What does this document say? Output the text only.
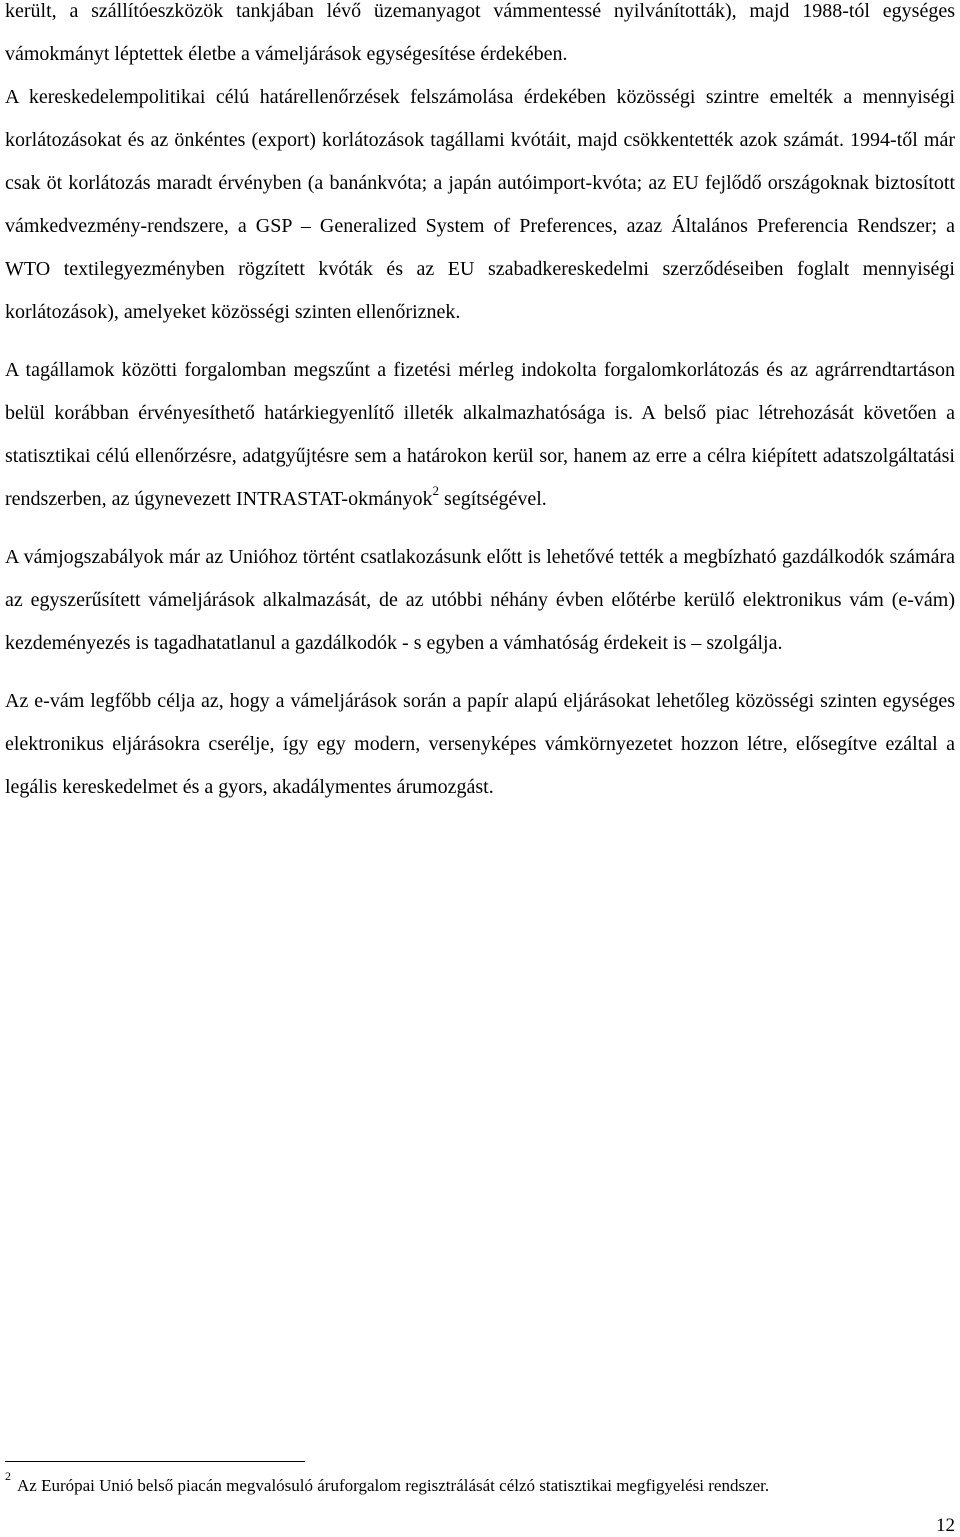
került, a szállítóeszközök tankjában lévő üzemanyagot vámmentessé nyilvánították), majd 1988-tól egységes vámokmányt léptettek életbe a vámeljárások egységesítése érdekében.

A kereskedelempolitikai célú határellenőrzések felszámolása érdekében közösségi szintre emelték a mennyiségi korlátozásokat és az önkéntes (export) korlátozások tagállami kvótáit, majd csökkentették azok számát. 1994-től már csak öt korlátozás maradt érvényben (a banánkvóta; a japán autóimport-kvóta; az EU fejlődő országoknak biztosított vámkedvezmény-rendszere, a GSP – Generalized System of Preferences, azaz Általános Preferencia Rendszer; a WTO textilegyezményben rögzített kvóták és az EU szabadkereskedelmi szerződéseiben foglalt mennyiségi korlátozások), amelyeket közösségi szinten ellenőriznek.

A tagállamok közötti forgalomban megszűnt a fizetési mérleg indokolta forgalomkorlátozás és az agrárrendtartáson belül korábban érvényesíthető határkiegyenlítő illeték alkalmazhatósága is. A belső piac létrehozását követően a statisztikai célú ellenőrzésre, adatgyűjtésre sem a határokon kerül sor, hanem az erre a célra kiépített adatszolgáltatási rendszerben, az úgynevezett INTRASTAT-okmányok$^2$ segítségével.

A vámjogszabályok már az Unióhoz történt csatlakozásunk előtt is lehetővé tették a megbízható gazdálkodók számára az egyszerűsített vámeljárások alkalmazását, de az utóbbi néhány évben előtérbe kerülő elektronikus vám (e-vám) kezdeményezés is tagadhatatlanul a gazdálkodók - s egyben a vámhatóság érdekeit is – szolgálja.

Az e-vám legfőbb célja az, hogy a vámeljárások során a papír alapú eljárásokat lehetőleg közösségi szinten egységes elektronikus eljárásokra cserélje, így egy modern, versenyképes vámkörnyezetet hozzon létre, elősegítve ezáltal a legális kereskedelmet és a gyors, akadálymentes árumozgást.

$^2$ Az Európai Unió belső piacán megvalósuló áruforgalom regisztrálását célzó statisztikai megfigyelési rendszer.
12
